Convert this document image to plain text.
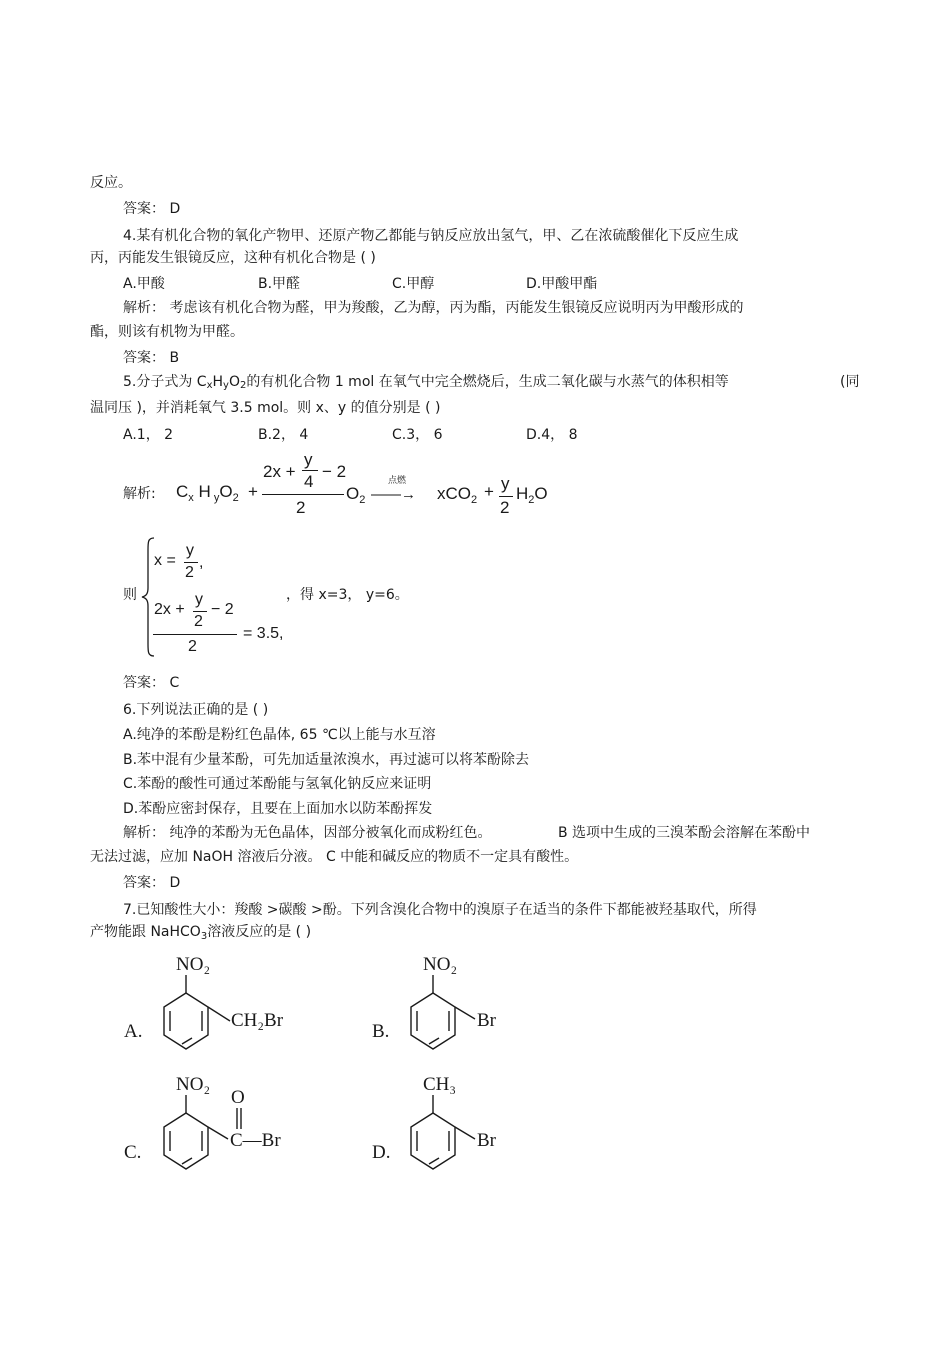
反应。
答案： D
4.某有机化合物的氧化产物甲、还原产物乙都能与钠反应放出氢气，甲、乙在浓硫酸催化下反应生成
丙，丙能发生银镜反应，这种有机化合物是 ( )
A.甲酸	B.甲醛	C.甲醇	D.甲酸甲酯
解析： 考虑该有机化合物为醛，甲为羧酸，乙为醇，丙为酯，丙能发生银镜反应说明丙为甲酸形成的
酯，则该有机物为甲醛。
答案： B
5.分子式为 CxHyO2的有机化合物 1 mol 在氧气中完全燃烧后，生成二氧化碳与水蒸气的体积相等	(同
温同压 )，并消耗氧气 3.5 mol。则 x、y 的值分别是 ( )
A.1， 2	B.2， 4	C.3， 6	D.4， 8
解析: $C_x$ H $_yO_2$ +
2x +
y
4
− 2
2
$O_2$
点燃
——→ xCO$_2$ + y
2
$H_2O$
则
x =
y
2
,
2x +
y
2
− 2
2
= 3.5,
，得 x=3， y=6。
答案： C
6.下列说法正确的是 ( )
A.纯净的苯酚是粉红色晶体, 65 ℃以上能与水互溶
B.苯中混有少量苯酚，可先加适量浓溴水，再过滤可以将苯酚除去
C.苯酚的酸性可通过苯酚能与氢氧化钠反应来证明
D.苯酚应密封保存，且要在上面加水以防苯酚挥发
解析： 纯净的苯酚为无色晶体，因部分被氧化而成粉红色。	B 选项中生成的三溴苯酚会溶解在苯酚中
无法过滤，应加 NaOH 溶液后分液。 C 中能和碱反应的物质不一定具有酸性。
答案： D
7.已知酸性大小：羧酸 >碳酸 >酚。下列含溴化合物中的溴原子在适当的条件下都能被羟基取代，所得
产物能跟 NaHCO$_3$溶液反应的是 ( )
A.
NO₂
CH₂Br
B.
NO₂
Br
C.
NO₂
O
C—Br
D.
CH₃
Br
